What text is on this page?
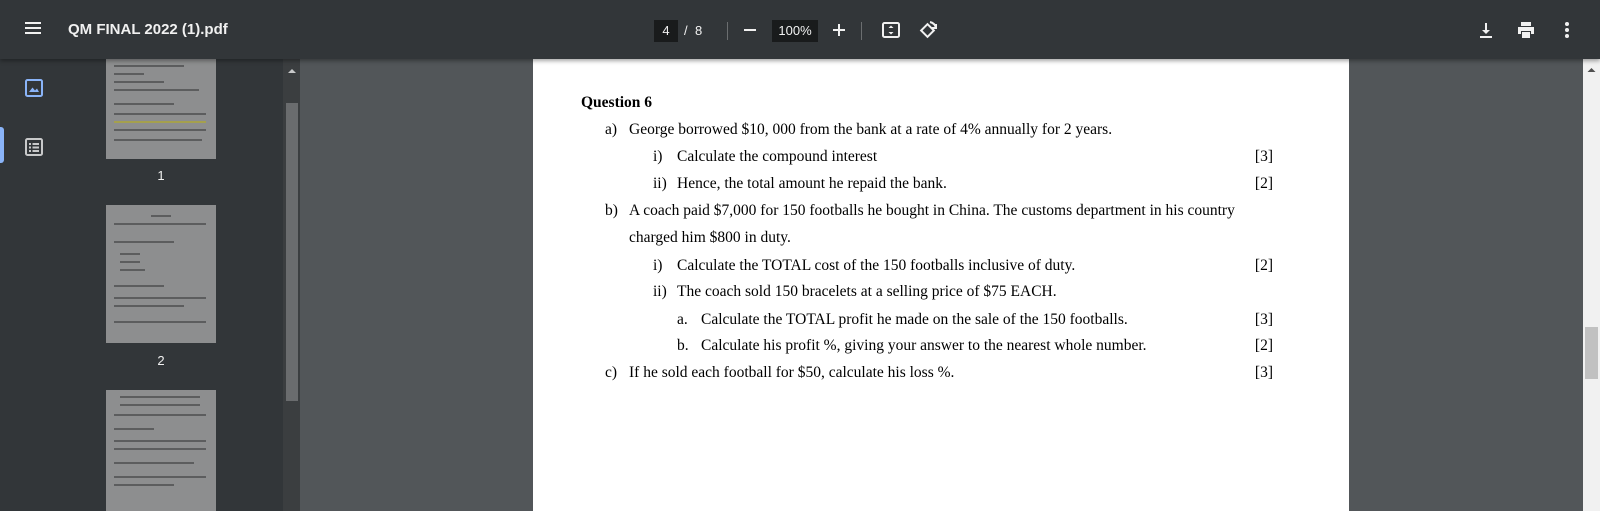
QM FINAL 2022 (1).pdf	4	/ 8	100%
1
2
Question 6
a) George borrowed $10, 000 from the bank at a rate of 4% annually for 2 years.
i) Calculate the compound interest	[3]
ii) Hence, the total amount he repaid the bank.	[2]
b) A coach paid $7,000 for 150 footballs he bought in China. The customs department in his country
charged him $800 in duty.
i) Calculate the TOTAL cost of the 150 footballs inclusive of duty.	[2]
ii) The coach sold 150 bracelets at a selling price of $75 EACH.
a. Calculate the TOTAL profit he made on the sale of the 150 footballs.	[3]
b. Calculate his profit %, giving your answer to the nearest whole number.	[2]
c) If he sold each football for $50, calculate his loss %.	[3]
